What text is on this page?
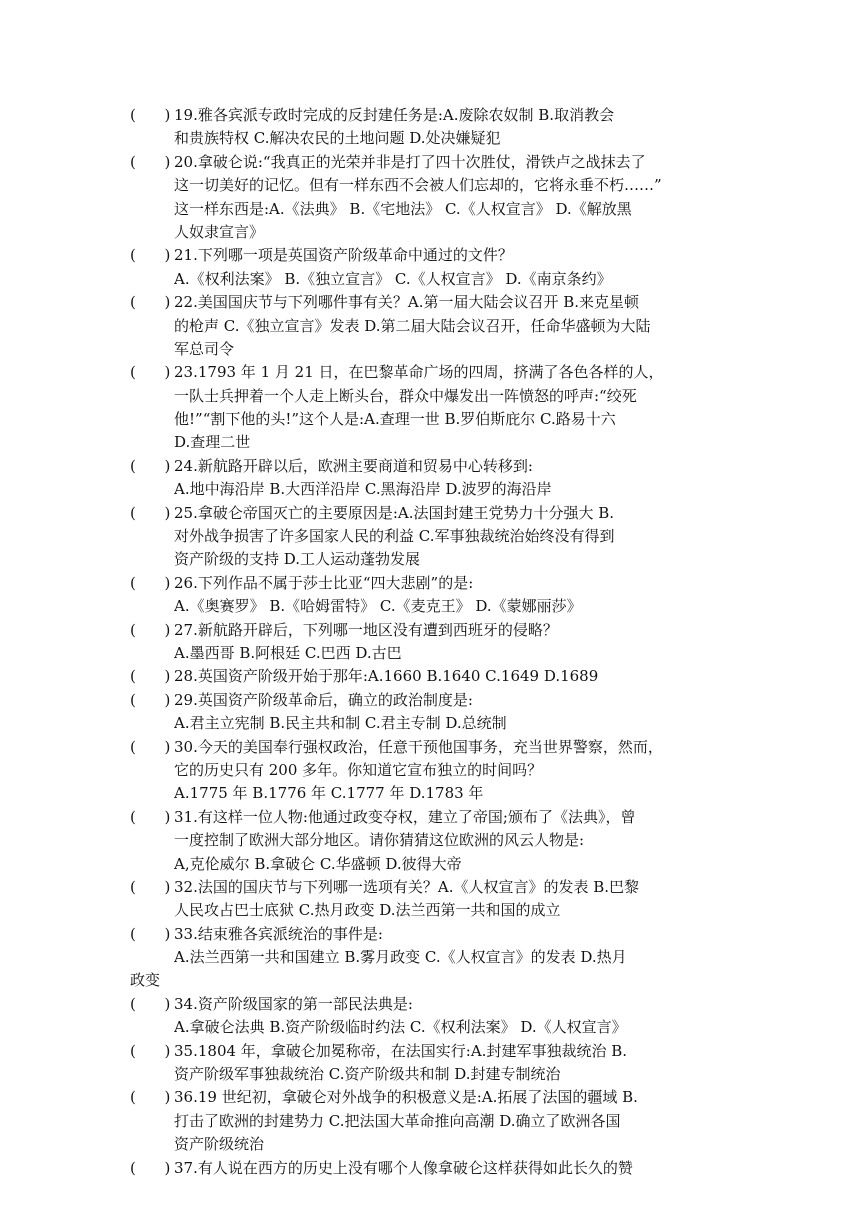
(      ) 19.雅各宾派专政时完成的反封建任务是:A.废除农奴制 B.取消教会
和贵族特权 C.解决农民的土地问题 D.处决嫌疑犯
(      ) 20.拿破仑说:“我真正的光荣并非是打了四十次胜仗，滑铁卢之战抹去了
这一切美好的记忆。但有一样东西不会被人们忘却的，它将永垂不朽……”
这一样东西是:A.《法典》 B.《宅地法》 C.《人权宣言》 D.《解放黑
人奴隶宣言》
(      ) 21.下列哪一项是英国资产阶级革命中通过的文件？
A.《权利法案》 B.《独立宣言》 C.《人权宣言》 D.《南京条约》
(      ) 22.美国国庆节与下列哪件事有关？A.第一届大陆会议召开 B.来克星顿
的枪声 C.《独立宣言》发表 D.第二届大陆会议召开，任命华盛顿为大陆
军总司令
(      ) 23.1793 年 1 月 21 日，在巴黎革命广场的四周，挤满了各色各样的人，
一队士兵押着一个人走上断头台，群众中爆发出一阵愤怒的呼声:“绞死
他!”“割下他的头!”这个人是:A.查理一世 B.罗伯斯庇尔 C.路易十六
D.查理二世
(      ) 24.新航路开辟以后，欧洲主要商道和贸易中心转移到:
A.地中海沿岸 B.大西洋沿岸 C.黑海沿岸 D.波罗的海沿岸
(      ) 25.拿破仑帝国灭亡的主要原因是:A.法国封建王党势力十分强大 B.
对外战争损害了许多国家人民的利益 C.军事独裁统治始终没有得到
资产阶级的支持 D.工人运动蓬勃发展
(      ) 26.下列作品不属于莎士比亚“四大悲剧”的是:
A.《奥赛罗》 B.《哈姆雷特》 C.《麦克王》 D.《蒙娜丽莎》
(      ) 27.新航路开辟后，下列哪一地区没有遭到西班牙的侵略？
A.墨西哥 B.阿根廷 C.巴西 D.古巴
(      ) 28.英国资产阶级开始于那年:A.1660 B.1640 C.1649 D.1689
(      ) 29.英国资产阶级革命后，确立的政治制度是:
A.君主立宪制 B.民主共和制 C.君主专制 D.总统制
(      ) 30.今天的美国奉行强权政治，任意干预他国事务，充当世界警察，然而，
它的历史只有 200 多年。你知道它宣布独立的时间吗？
A.1775 年 B.1776 年 C.1777 年 D.1783 年
(      ) 31.有这样一位人物:他通过政变夺权，建立了帝国;颁布了《法典》，曾
一度控制了欧洲大部分地区。请你猜猜这位欧洲的风云人物是:
A,克伦威尔 B.拿破仑 C.华盛顿 D.彼得大帝
(      ) 32.法国的国庆节与下列哪一选项有关？A.《人权宣言》的发表 B.巴黎
人民攻占巴士底狱 C.热月政变 D.法兰西第一共和国的成立
(      ) 33.结束雅各宾派统治的事件是:
A.法兰西第一共和国建立 B.雾月政变 C.《人权宣言》的发表 D.热月
政变
(      ) 34.资产阶级国家的第一部民法典是:
A.拿破仑法典 B.资产阶级临时约法 C.《权利法案》 D.《人权宣言》
(      ) 35.1804 年，拿破仑加冕称帝，在法国实行:A.封建军事独裁统治 B.
资产阶级军事独裁统治 C.资产阶级共和制 D.封建专制统治
(      ) 36.19 世纪初，拿破仑对外战争的积极意义是:A.拓展了法国的疆域 B.
打击了欧洲的封建势力 C.把法国大革命推向高潮 D.确立了欧洲各国
资产阶级统治
(      ) 37.有人说在西方的历史上没有哪个人像拿破仑这样获得如此长久的赞
